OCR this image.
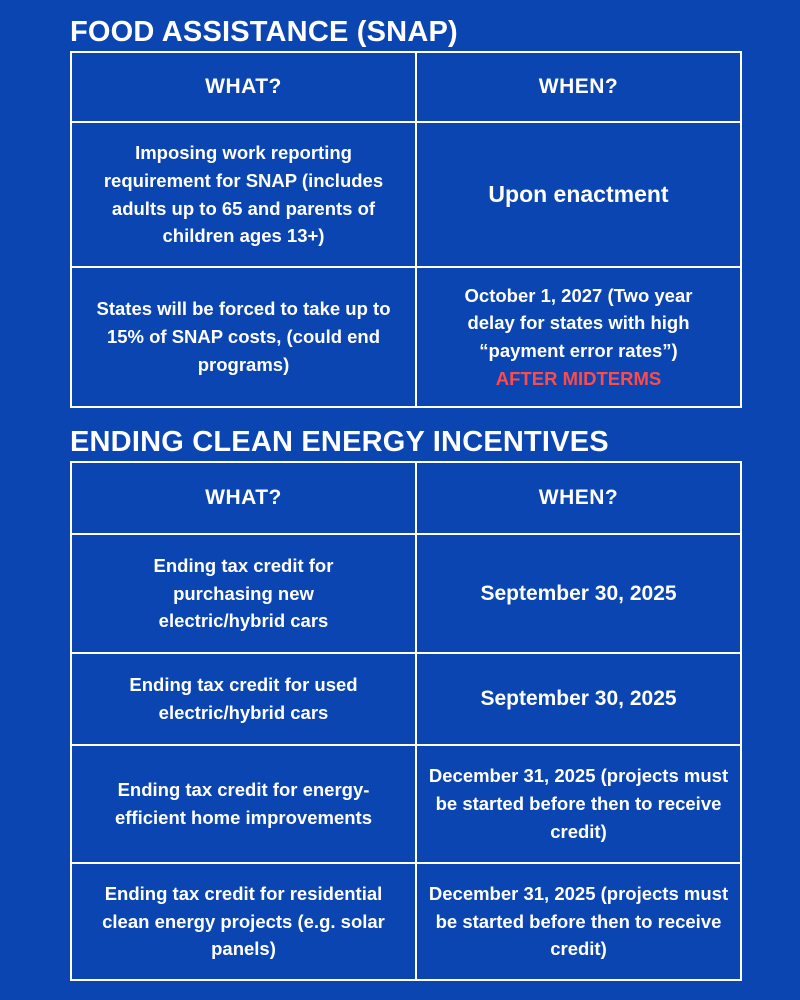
FOOD ASSISTANCE (SNAP)
WHAT?	WHEN?
Imposing work reporting requirement for SNAP (includes adults up to 65 and parents of children ages 13+)	Upon enactment
States will be forced to take up to 15% of SNAP costs, (could end programs)	October 1, 2027 (Two year delay for states with high “payment error rates”)
AFTER MIDTERMS
ENDING CLEAN ENERGY INCENTIVES
WHAT?	WHEN?
Ending tax credit for purchasing new electric/hybrid cars	September 30, 2025
Ending tax credit for used electric/hybrid cars	September 30, 2025
Ending tax credit for energy-efficient home improvements	December 31, 2025 (projects must be started before then to receive credit)
Ending tax credit for residential clean energy projects (e.g. solar panels)	December 31, 2025 (projects must be started before then to receive credit)
